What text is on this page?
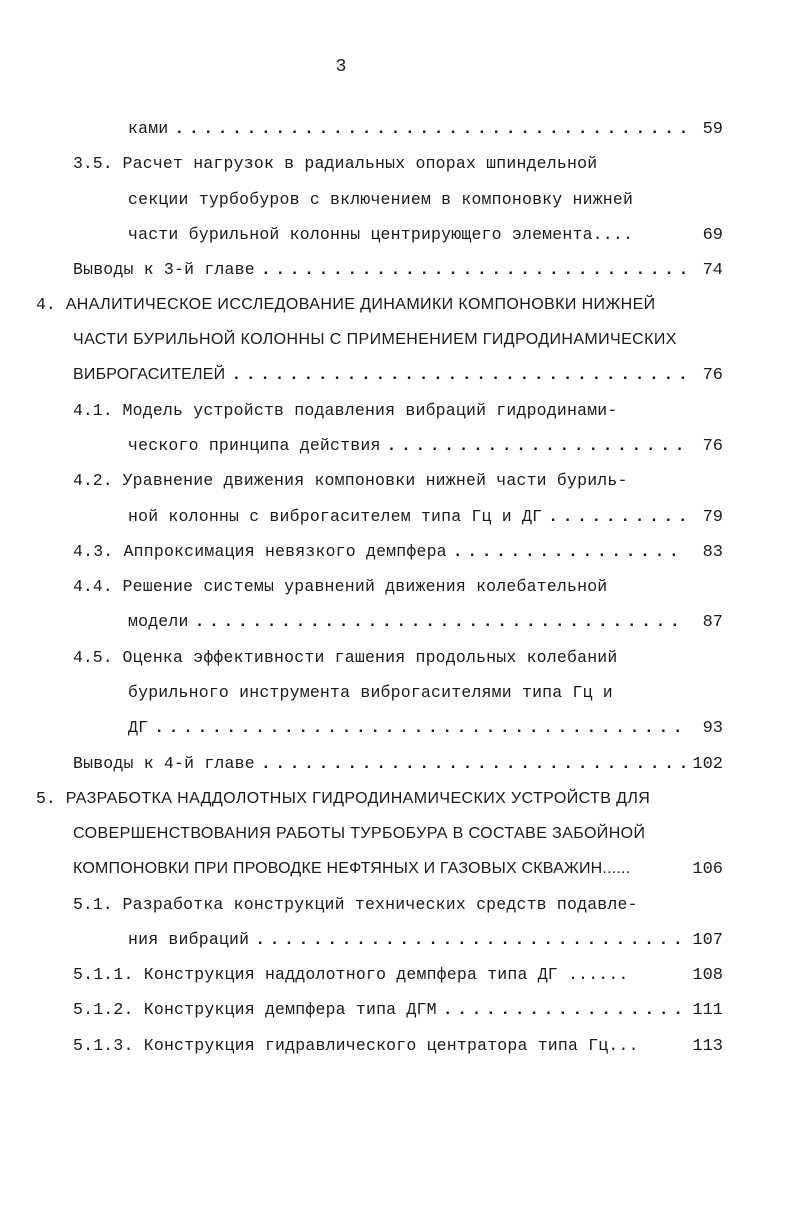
3
ками . . .	59
3.5. Расчет нагрузок в радиальных опорах шпиндельной
секции турбобуров с включением в компоновку нижней
части бурильной колонны центрирующего элемента....	69
Выводы к 3-й главе . . .	74
4. АНАЛИТИЧЕСКОЕ ИССЛЕДОВАНИЕ ДИНАМИКИ КОМПОНОВКИ НИЖНЕЙ
ЧАСТИ БУРИЛЬНОЙ КОЛОННЫ С ПРИМЕНЕНИЕМ ГИДРОДИНАМИЧЕСКИХ
ВИБРОГАСИТЕЛЕЙ . . .	76
4.1. Модель устройств подавления вибраций гидродинами-
ческого принципа действия . . .	76
4.2. Уравнение движения компоновки нижней части буриль-
ной колонны с виброгасителем типа Гц и ДГ . . .	79
4.3. Аппроксимация невязкого демпфера . . .	83
4.4. Решение системы уравнений движения колебательной
модели . . .	87
4.5. Оценка эффективности гашения продольных колебаний
бурильного инструмента виброгасителями типа Гц и
ДГ . . .	93
Выводы к 4-й главе . . .	102
5. РАЗРАБОТКА НАДДОЛОТНЫХ ГИДРОДИНАМИЧЕСКИХ УСТРОЙСТВ ДЛЯ
СОВЕРШЕНСТВОВАНИЯ РАБОТЫ ТУРБОБУРА В СОСТАВЕ ЗАБОЙНОЙ
КОМПОНОВКИ ПРИ ПРОВОДКЕ НЕФТЯНЫХ И ГАЗОВЫХ СКВАЖИН......	106
5.1. Разработка конструкций технических средств подавле-
ния вибраций . . .	107
5.1.1. Конструкция наддолотного демпфера типа ДГ ......	108
5.1.2. Конструкция демпфера типа ДГМ . . .	111
5.1.3. Конструкция гидравлического центратора типа Гц...	113
